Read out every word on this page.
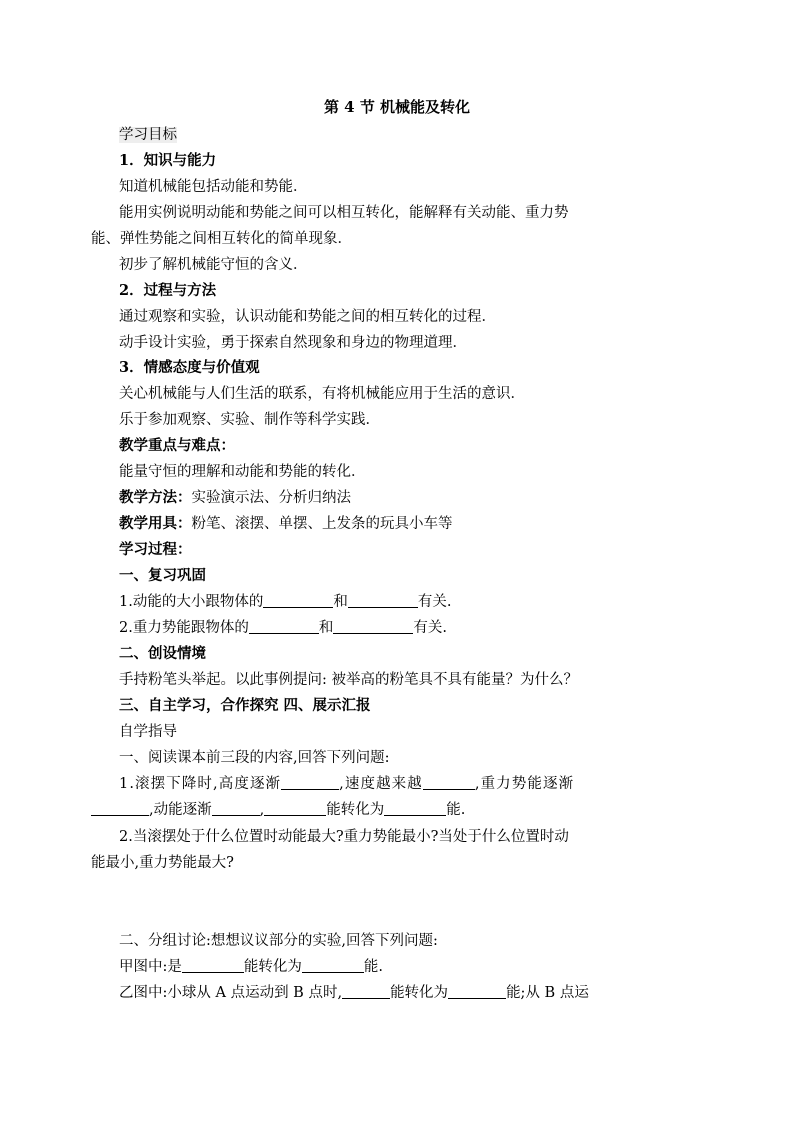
第 4 节 机械能及转化
学习目标
1．知识与能力
知道机械能包括动能和势能．
能用实例说明动能和势能之间可以相互转化，能解释有关动能、重力势
能、弹性势能之间相互转化的简单现象．
初步了解机械能守恒的含义．
2．过程与方法
通过观察和实验，认识动能和势能之间的相互转化的过程．
动手设计实验，勇于探索自然现象和身边的物理道理．
3．情感态度与价值观
关心机械能与人们生活的联系，有将机械能应用于生活的意识．
乐于参加观察、实验、制作等科学实践．
教学重点与难点：
能量守恒的理解和动能和势能的转化．
教学方法：实验演示法、分析归纳法
教学用具：粉笔、滚摆、单摆、上发条的玩具小车等
学习过程：
一、复习巩固
1.动能的大小跟物体的	和	有关.
2.重力势能跟物体的	和	有关.
二、创设情境
手持粉笔头举起。以此事例提问: 被举高的粉笔具不具有能量？为什么？
三、自主学习，合作探究 四、展示汇报
自学指导
一、阅读课本前三段的内容,回答下列问题:
1.滚摆下降时,高度逐渐	,速度越来越	,重力势能逐渐
,动能逐渐	,	能转化为	能.
2.当滚摆处于什么位置时动能最大?重力势能最小?当处于什么位置时动
能最小,重力势能最大?
二、分组讨论:想想议议部分的实验,回答下列问题:
甲图中:是	能转化为	能.
乙图中:小球从 A 点运动到 B 点时,	能转化为	能;从 B 点运
